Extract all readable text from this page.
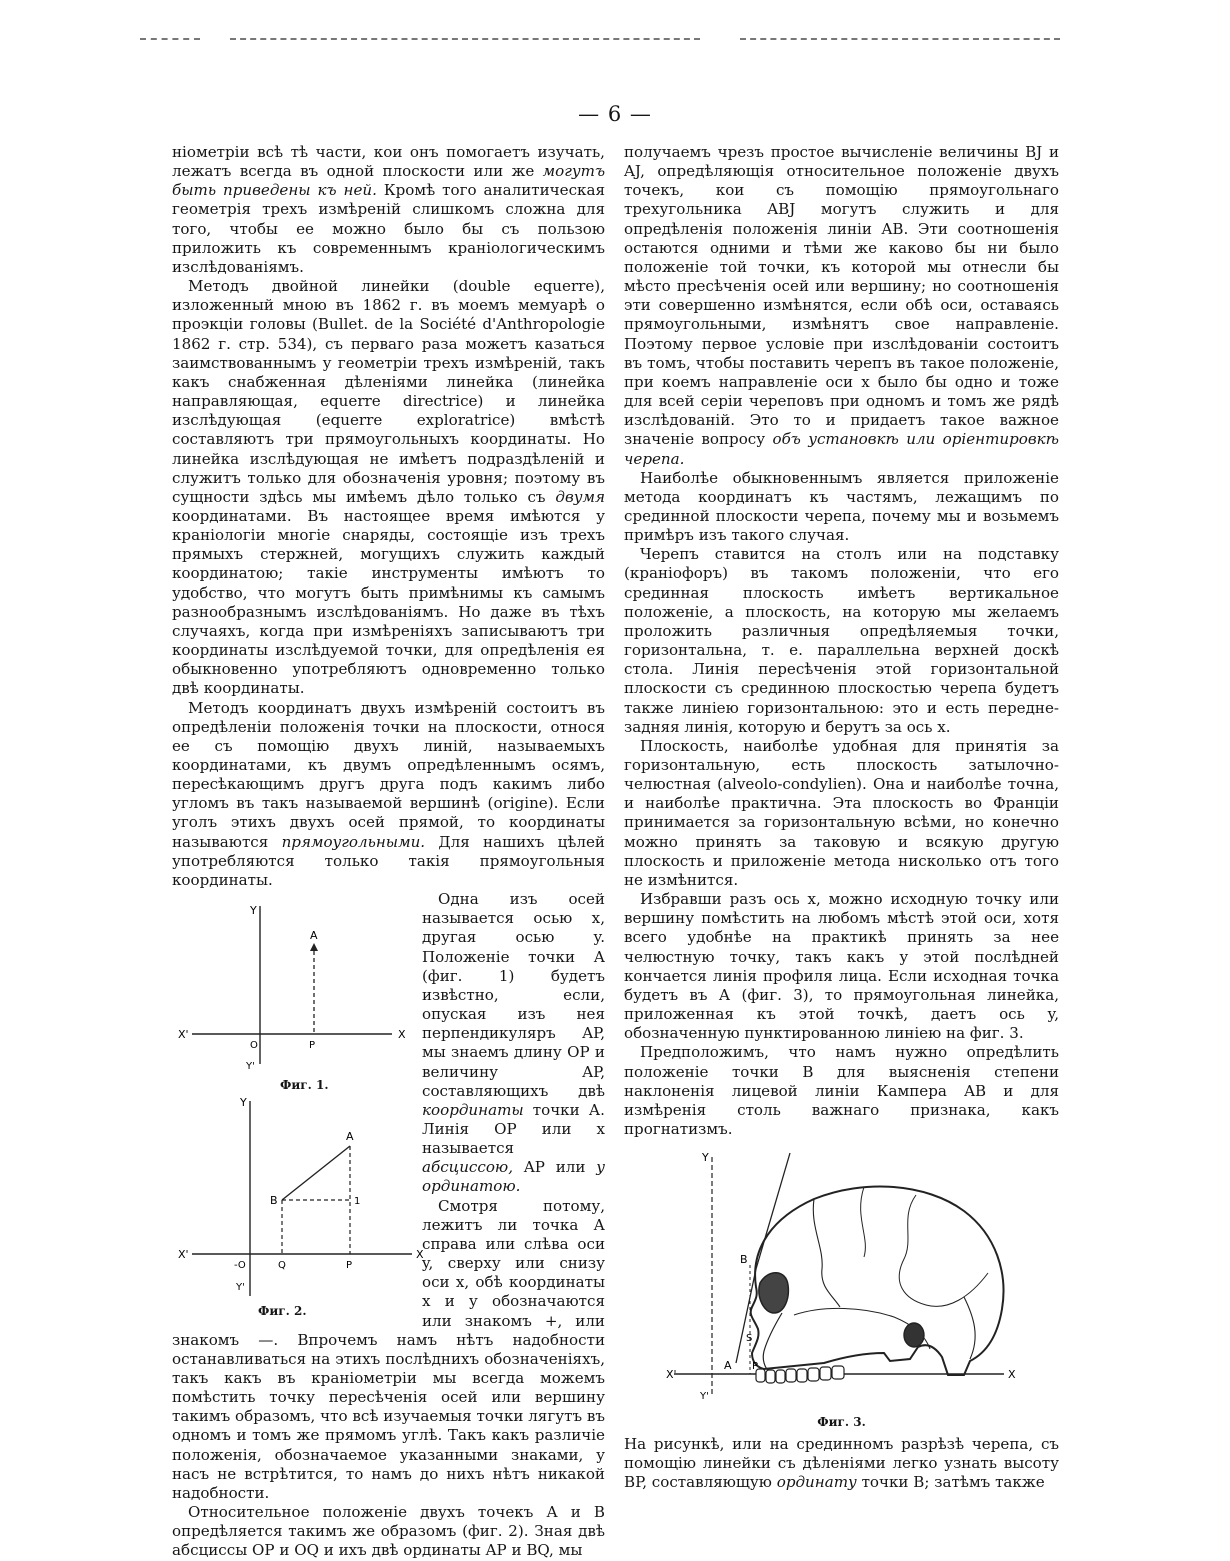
— 6 —

ніометріи всѣ тѣ части, кои онъ помогаетъ изучать, лежатъ всегда въ одной плоскости или же могутъ быть приведены къ ней. Кромѣ того аналитическая геометрія трехъ измѣреній слишкомъ сложна для того, чтобы ее можно было бы съ пользою приложить къ современнымъ краніологическимъ изслѣдованіямъ.

Методъ двойной линейки (double equerre), изложенный мною въ 1862 г. въ моемъ мемуарѣ о проэкціи головы (Bullet. de la Société d'Anthropologie 1862 г. стр. 534), съ перваго раза можетъ казаться заимствованнымъ у геометріи трехъ измѣреній, такъ какъ снабженная дѣленіями линейка (линейка направляющая, equerre directrice) и линейка изслѣдующая (equerre exploratrice) вмѣстѣ составляютъ три прямоугольныхъ координаты. Но линейка изслѣдующая не имѣетъ подраздѣленій и служитъ только для обозначенія уровня; поэтому въ сущности здѣсь мы имѣемъ дѣло только съ двумя координатами. Въ настоящее время имѣются у краніологіи многіе снаряды, состоящіе изъ трехъ прямыхъ стержней, могущихъ служить каждый координатою; такіе инструменты имѣютъ то удобство, что могутъ быть примѣнимы къ самымъ разнообразнымъ изслѣдованіямъ. Но даже въ тѣхъ случаяхъ, когда при измѣреніяхъ записываютъ три координаты изслѣдуемой точки, для опредѣленія ея обыкновенно употребляютъ одновременно только двѣ координаты.

Методъ координатъ двухъ измѣреній состоитъ въ опредѣленіи положенія точки на плоскости, относя ее съ помощію двухъ линій, называемыхъ координатами, къ двумъ опредѣленнымъ осямъ, пересѣкающимъ другъ друга подъ какимъ либо угломъ въ такъ называемой вершинѣ (origine). Если уголъ этихъ двухъ осей прямой, то координаты называются прямоугольными. Для нашихъ цѣлей употребляются только такія прямоугольныя координаты.

Y
A
X'	X
O	P
Y'
Y
A
B	1
X'	X
-O	Q	P
Y'
Фиг. 1.
Фиг. 2.

Одна изъ осей называется осью x, другая осью y. Положеніе точки А (фиг. 1) будетъ извѣстно, если, опуская изъ нея перпендикуляръ AP, мы знаемъ длину OP и величину AP, составляющихъ двѣ координаты точки А. Линія OP или x называется абсциссою, AP или у ординатою.

Смотря потому, лежитъ ли точка А справа или слѣва оси y, сверху или снизу оси x, обѣ координаты x и y обозначаются или знакомъ +, или знакомъ —. Впрочемъ намъ нѣтъ надобности останавливаться на этихъ послѣднихъ обозначеніяхъ, такъ какъ въ краніометріи мы всегда можемъ помѣстить точку пересѣченія осей или вершину такимъ образомъ, что всѣ изучаемыя точки лягутъ въ одномъ и томъ же прямомъ углѣ. Такъ какъ различіе положенія, обозначаемое указанными знаками, у насъ не встрѣтится, то намъ до нихъ нѣтъ никакой надобности.

Относительное положеніе двухъ точекъ А и В опредѣляется такимъ же образомъ (фиг. 2). Зная двѣ абсциссы OP и OQ и ихъ двѣ ординаты AP и BQ, мы

получаемъ чрезъ простое вычисленіе величины BJ и AJ, опредѣляющія относительное положеніе двухъ точекъ, кои съ помощію прямоугольнаго трехугольника ABJ могутъ служить и для опредѣленія положенія линіи AB. Эти соотношенія остаются одними и тѣми же каково бы ни было положеніе той точки, къ которой мы отнесли бы мѣсто пресѣченія осей или вершину; но соотношенія эти совершенно измѣнятся, если обѣ оси, оставаясь прямоугольными, измѣнятъ свое направленіе. Поэтому первое условіе при изслѣдованіи состоитъ въ томъ, чтобы поставить черепъ въ такое положеніе, при коемъ направленіе оси x было бы одно и тоже для всей серіи череповъ при одномъ и томъ же рядѣ изслѣдованій. Это то и придаетъ такое важное значеніе вопросу объ установкѣ или оріентировкѣ черепа.

Наиболѣе обыкновеннымъ является приложеніе метода координатъ къ частямъ, лежащимъ по срединной плоскости черепа, почему мы и возьмемъ примѣръ изъ такого случая.

Черепъ ставится на столъ или на подставку (краніофоръ) въ такомъ положеніи, что его срединная плоскость имѣетъ вертикальное положеніе, а плоскость, на которую мы желаемъ проложить различныя опредѣляемыя точки, горизонтальна, т. е. параллельна верхней доскѣ стола. Линія пересѣченія этой горизонтальной плоскости съ срединною плоскостью черепа будетъ также линіею горизонтальною: это и есть передне-задняя линія, которую и берутъ за ось x.

Плоскость, наиболѣе удобная для принятія за горизонтальную, есть плоскость затылочно-челюстная (alveolo-condylien). Она и наиболѣе точна, и наиболѣе практична. Эта плоскость во Франціи принимается за горизонтальную всѣми, но конечно можно принять за таковую и всякую другую плоскость и приложеніе метода нисколько отъ того не измѣнится.

Избравши разъ ось x, можно исходную точку или вершину помѣстить на любомъ мѣстѣ этой оси, хотя всего удобнѣе на практикѣ принять за нее челюстную точку, такъ какъ у этой послѣдней кончается линія профиля лица. Если исходная точка будетъ въ А (фиг. 3), то прямоугольная линейка, приложенная къ этой точкѣ, даетъ ось y, обозначенную пунктированною линіею на фиг. 3.

Предположимъ, что намъ нужно опредѣлить положеніе точки В для выясненія степени наклоненія лицевой линіи Кампера AB и для измѣренія столь важнаго признака, какъ прогнатизмъ.

Y
B
S
A P
X'	X
Y'
Фиг. 3.

На рисункѣ, или на срединномъ разрѣзѣ черепа, съ помощію линейки съ дѣленіями легко узнать высоту BP, составляющую ординату точки B; затѣмъ также
